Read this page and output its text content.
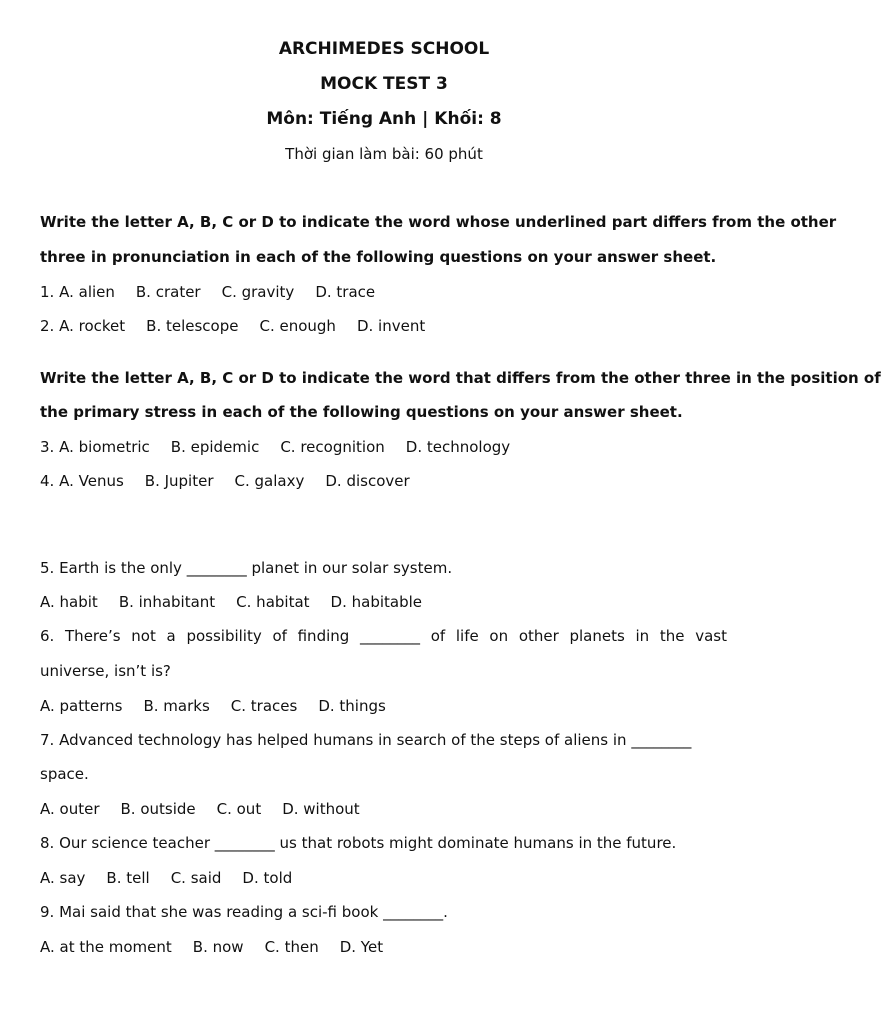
ARCHIMEDES SCHOOL
MOCK TEST 3
Môn: Tiếng Anh | Khối: 8
Thời gian làm bài: 60 phút
Write the letter A, B, C or D to indicate the word whose underlined part differs from the other
three in pronunciation in each of the following questions on your answer sheet.
1. A. alien B. crater C. gravity D. trace
2. A. rocket B. telescope C. enough D. invent
Write the letter A, B, C or D to indicate the word that differs from the other three in the position of
the primary stress in each of the following questions on your answer sheet.
3. A. biometric B. epidemic C. recognition D. technology
4. A. Venus B. Jupiter C. galaxy D. discover
5. Earth is the only ________ planet in our solar system.
A. habit B. inhabitant C. habitat D. habitable
6. There’s not a possibility of finding ________ of life on other planets in the vast
universe, isn’t is?
A. patterns B. marks C. traces D. things
7. Advanced technology has helped humans in search of the steps of aliens in ________
space.
A. outer B. outside C. out D. without
8. Our science teacher ________ us that robots might dominate humans in the future.
A. say B. tell C. said D. told
9. Mai said that she was reading a sci-fi book ________.
A. at the moment B. now C. then D. Yet
